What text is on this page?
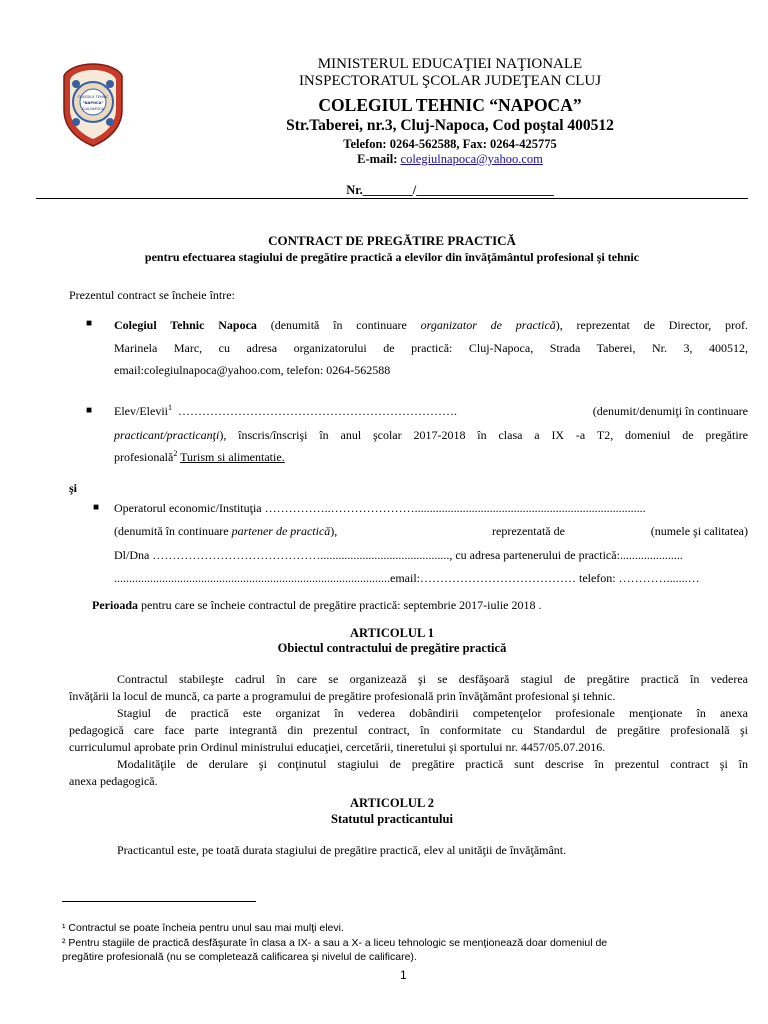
COLEGIUL TEHNIC
"NAPOCA"
CLUJ-NAPOCA
MINISTERUL EDUCAŢIEI NAŢIONALE
INSPECTORATUL ŞCOLAR JUDEŢEAN CLUJ
COLEGIUL TEHNIC “NAPOCA”
Str.Taberei, nr.3, Cluj-Napoca, Cod poştal 400512
Telefon: 0264-562588, Fax: 0264-425775
E-mail: colegiulnapoca@yahoo.com
Nr.________/______________________
CONTRACT DE PREGĂTIRE PRACTICĂ
pentru efectuarea stagiului de pregătire practică a elevilor din învăţământul profesional şi tehnic
Prezentul contract se încheie între:
■ Colegiul Tehnic Napoca (denumită în continuare organizator de practică), reprezentat de Director, prof.
Marinela Marc, cu adresa organizatorului de practică: Cluj-Napoca, Strada Taberei, Nr. 3, 400512,
email:colegiulnapoca@yahoo.com, telefon: 0264-562588
■ Elev/Elevii$^1$ …………………………………………………………….	(denumit/denumiţi în continuare
practicant/practicanţi), înscris/înscrişi în anul şcolar 2017-2018 în clasa a IX -a T2, domeniul de pregătire
profesională$^2$ Turism si alimentatie.
şi
■ Operatorul economic/Instituţia ……………..………………….............................................................................
(denumită în continuare partener de practică),	reprezentată de	(numele şi calitatea)
Dl/Dna ……………………………………..........................................., cu adresa partenerului de practică:.....................
............................................................................................email:………………………………… telefon: ………….......…
Perioada pentru care se încheie contractul de pregătire practică: septembrie 2017-iulie 2018 .
ARTICOLUL 1
Obiectul contractului de pregătire practică
Contractul stabileşte cadrul în care se organizează şi se desfăşoară stagiul de pregătire practică în vederea
învăţării la locul de muncă, ca parte a programului de pregătire profesională prin învăţământ profesional şi tehnic.
Stagiul de practică este organizat în vederea dobândirii competenţelor profesionale menţionate în anexa
pedagogică care face parte integrantă din prezentul contract, în conformitate cu Standardul de pregătire profesională şi
curriculumul aprobate prin Ordinul ministrului educaţiei, cercetării, tineretului şi sportului nr. 4457/05.07.2016.
Modalităţile de derulare şi conţinutul stagiului de pregătire practică sunt descrise în prezentul contract şi în
anexa pedagogică.
ARTICOLUL 2
Statutul practicantului
Practicantul este, pe toată durata stagiului de pregătire practică, elev al unităţii de învăţământ.
¹ Contractul se poate încheia pentru unul sau mai mulţi elevi.
² Pentru stagiile de practică desfăşurate în clasa a IX- a sau a X- a liceu tehnologic se menţionează doar domeniul de
pregătire profesională (nu se completează calificarea şi nivelul de calificare).
1
